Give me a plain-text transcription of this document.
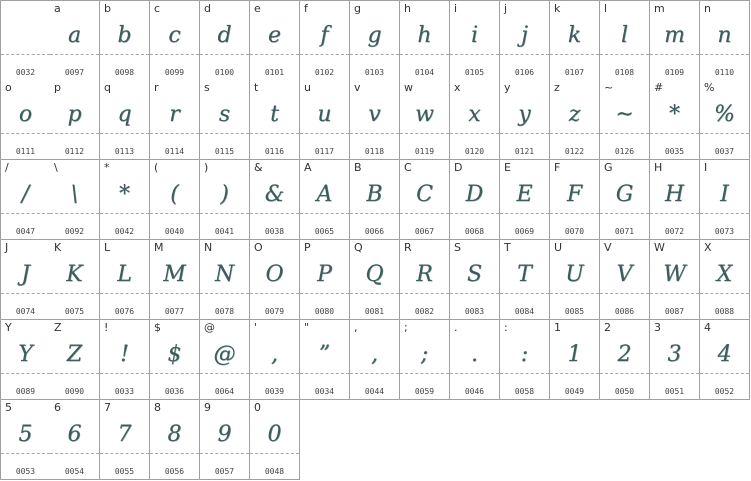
0032
a
a
0097
b
b
0098
c
c
0099
d
d
0100
e
e
0101
f
f
0102
g
g
0103
h
h
0104
i
i
0105
j
j
0106
k
k
0107
l
l
0108
m
m
0109
n
n
0110
o
o
0111
p
p
0112
q
q
0113
r
r
0114
s
s
0115
t
t
0116
u
u
0117
v
v
0118
w
w
0119
x
x
0120
y
y
0121
z
z
0122
~
~
0126
#
*
0035
%
%
0037
/
/
0047
\
\
0092
*
*
0042
(
(
0040
)
)
0041
&
&
0038
A
A
0065
B
B
0066
C
C
0067
D
D
0068
E
E
0069
F
F
0070
G
G
0071
H
H
0072
I
I
0073
J
J
0074
K
K
0075
L
L
0076
M
M
0077
N
N
0078
O
O
0079
P
P
0080
Q
Q
0081
R
R
0082
S
S
0083
T
T
0084
U
U
0085
V
V
0086
W
W
0087
X
X
0088
Y
Y
0089
Z
Z
0090
!
!
0033
$
$
0036
@
@
0064
'
,
0039
"
”
0034
,
,
0044
;
;
0059
.
.
0046
:
:
0058
1
1
0049
2
2
0050
3
3
0051
4
4
0052
5
5
0053
6
6
0054
7
7
0055
8
8
0056
9
9
0057
0
0
0048
